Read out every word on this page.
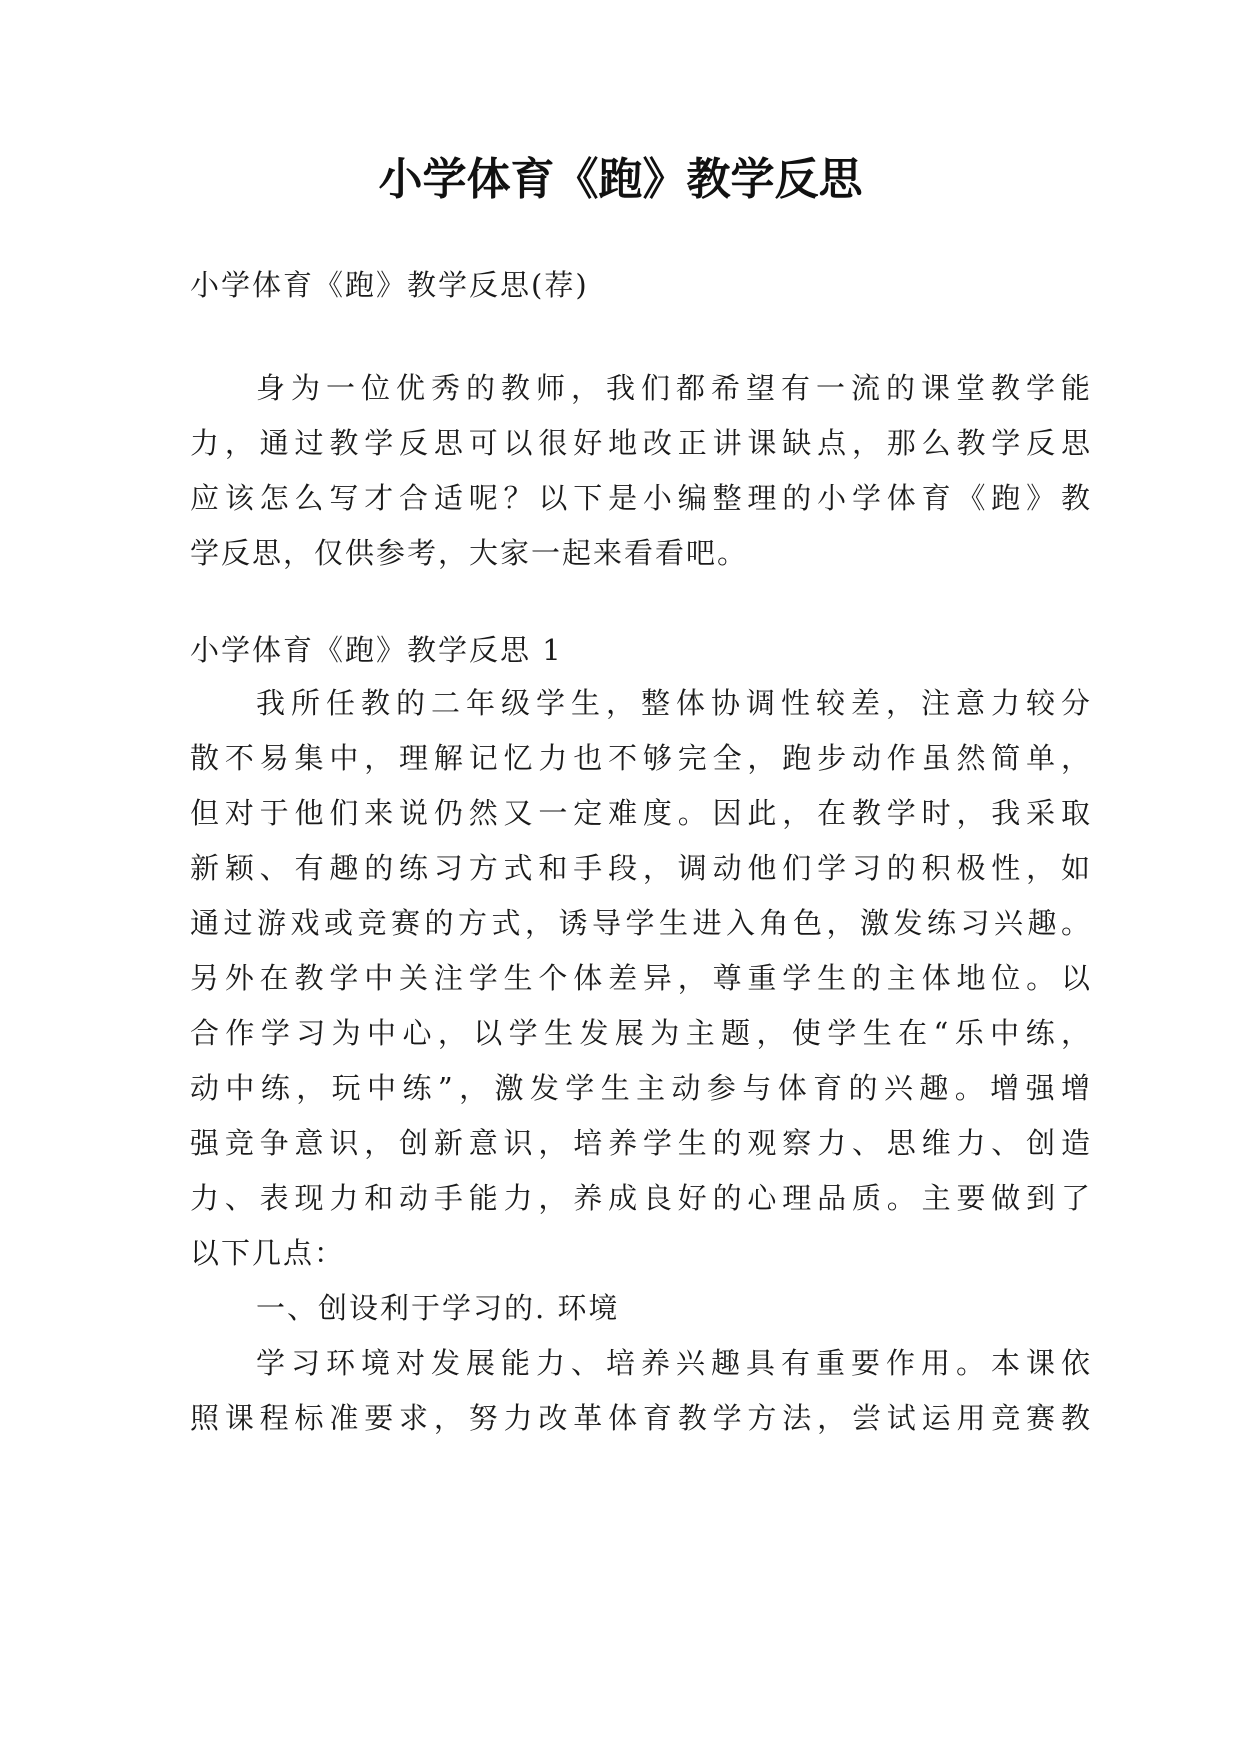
小学体育《跑》教学反思

小学体育《跑》教学反思(荐)

身为一位优秀的教师，我们都希望有一流的课堂教学能

力，通过教学反思可以很好地改正讲课缺点，那么教学反思

应该怎么写才合适呢？以下是小编整理的小学体育《跑》教

学反思，仅供参考，大家一起来看看吧。

小学体育《跑》教学反思 1

我所任教的二年级学生，整体协调性较差，注意力较分

散不易集中，理解记忆力也不够完全，跑步动作虽然简单，

但对于他们来说仍然又一定难度。因此，在教学时，我采取

新颖、有趣的练习方式和手段，调动他们学习的积极性，如

通过游戏或竞赛的方式，诱导学生进入角色，激发练习兴趣。

另外在教学中关注学生个体差异，尊重学生的主体地位。以

合作学习为中心，以学生发展为主题，使学生在“乐中练，

动中练，玩中练”，激发学生主动参与体育的兴趣。增强增

强竞争意识，创新意识，培养学生的观察力、思维力、创造

力、表现力和动手能力，养成良好的心理品质。主要做到了

以下几点：

一、创设利于学习的. 环境

学习环境对发展能力、培养兴趣具有重要作用。本课依

照课程标准要求，努力改革体育教学方法，尝试运用竞赛教
